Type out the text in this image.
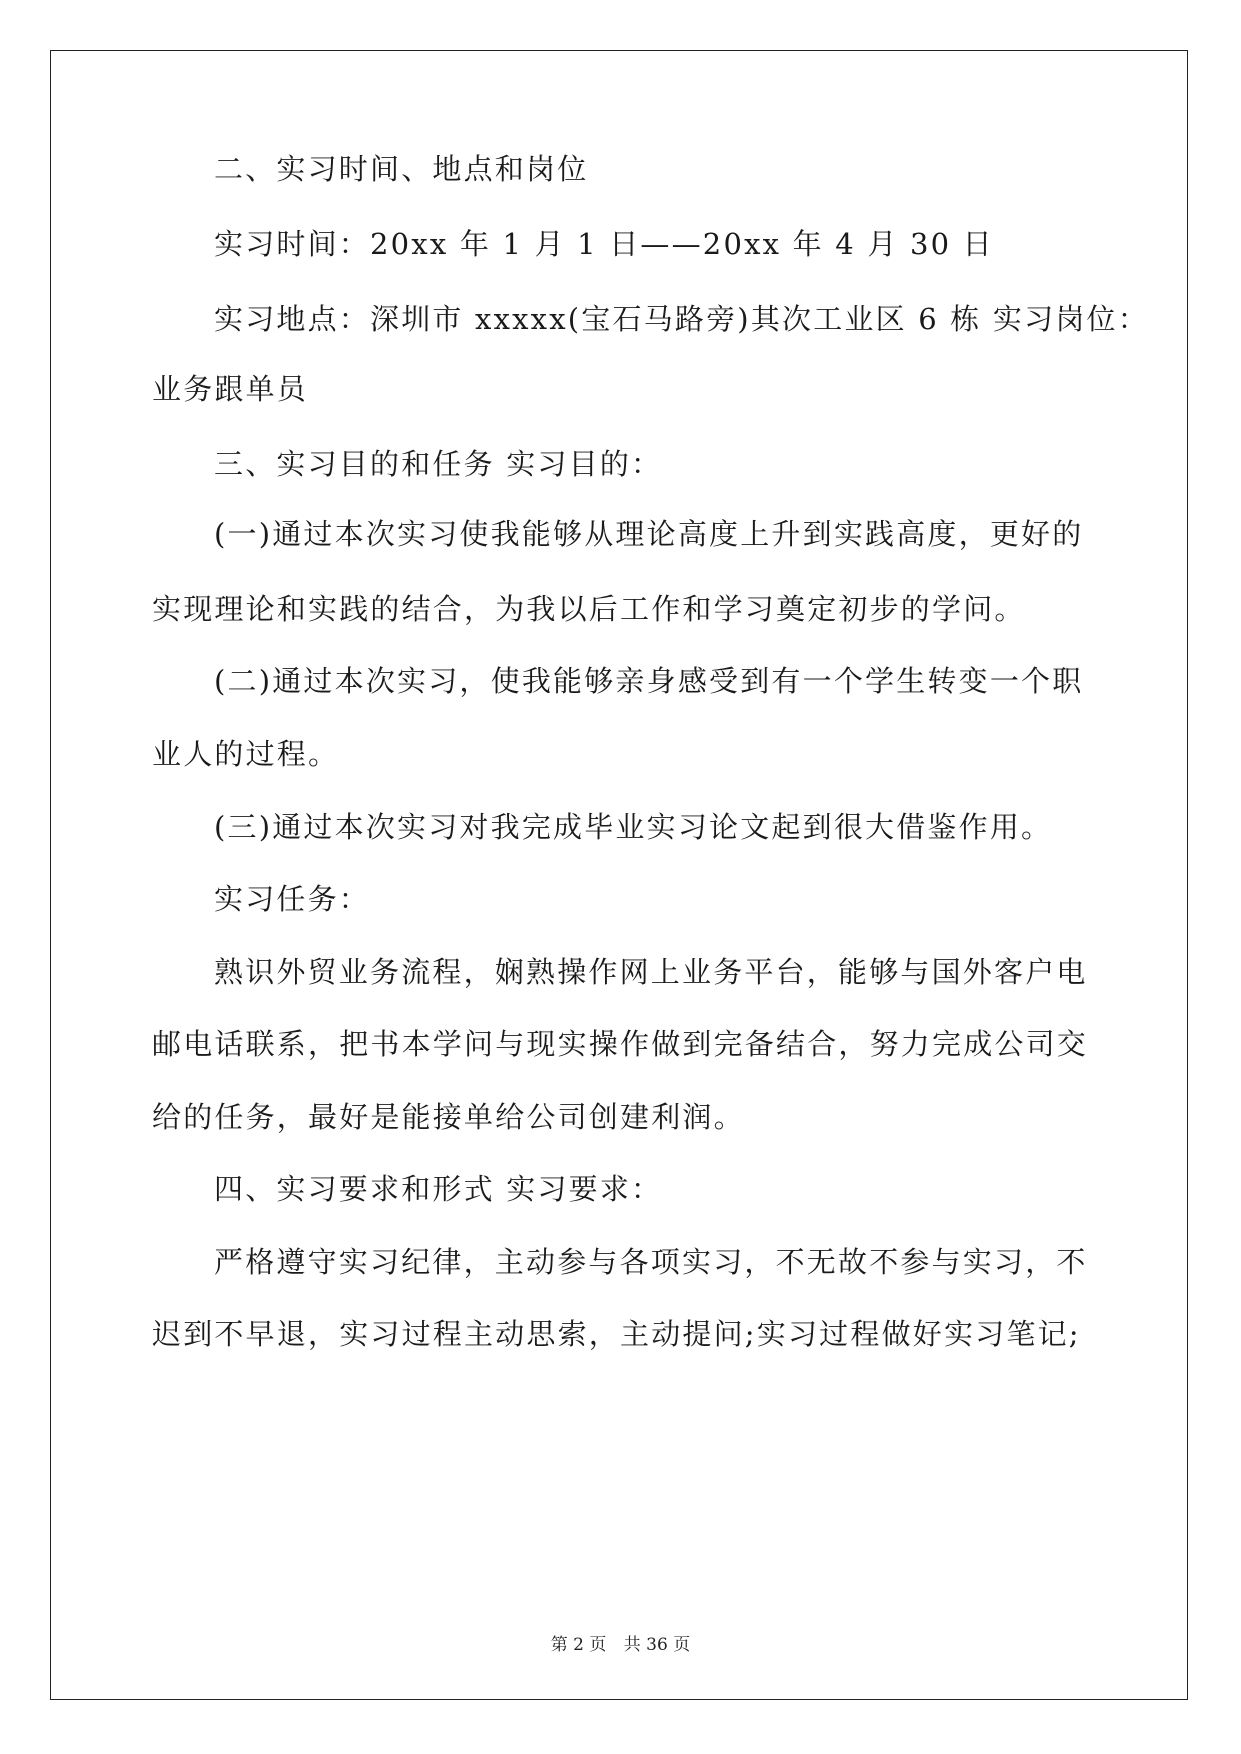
二、实习时间、地点和岗位
实习时间：20xx 年 1 月 1 日——20xx 年 4 月 30 日
实习地点：深圳市 xxxxx(宝石马路旁)其次工业区 6 栋 实习岗位：
业务跟单员
三、实习目的和任务 实习目的：
(一)通过本次实习使我能够从理论高度上升到实践高度，更好的
实现理论和实践的结合，为我以后工作和学习奠定初步的学问。
(二)通过本次实习，使我能够亲身感受到有一个学生转变一个职
业人的过程。
(三)通过本次实习对我完成毕业实习论文起到很大借鉴作用。
实习任务：
熟识外贸业务流程，娴熟操作网上业务平台，能够与国外客户电
邮电话联系，把书本学问与现实操作做到完备结合，努力完成公司交
给的任务，最好是能接单给公司创建利润。
四、实习要求和形式 实习要求：
严格遵守实习纪律，主动参与各项实习，不无故不参与实习，不
迟到不早退，实习过程主动思索，主动提问;实习过程做好实习笔记;
第 2 页 共 36 页
